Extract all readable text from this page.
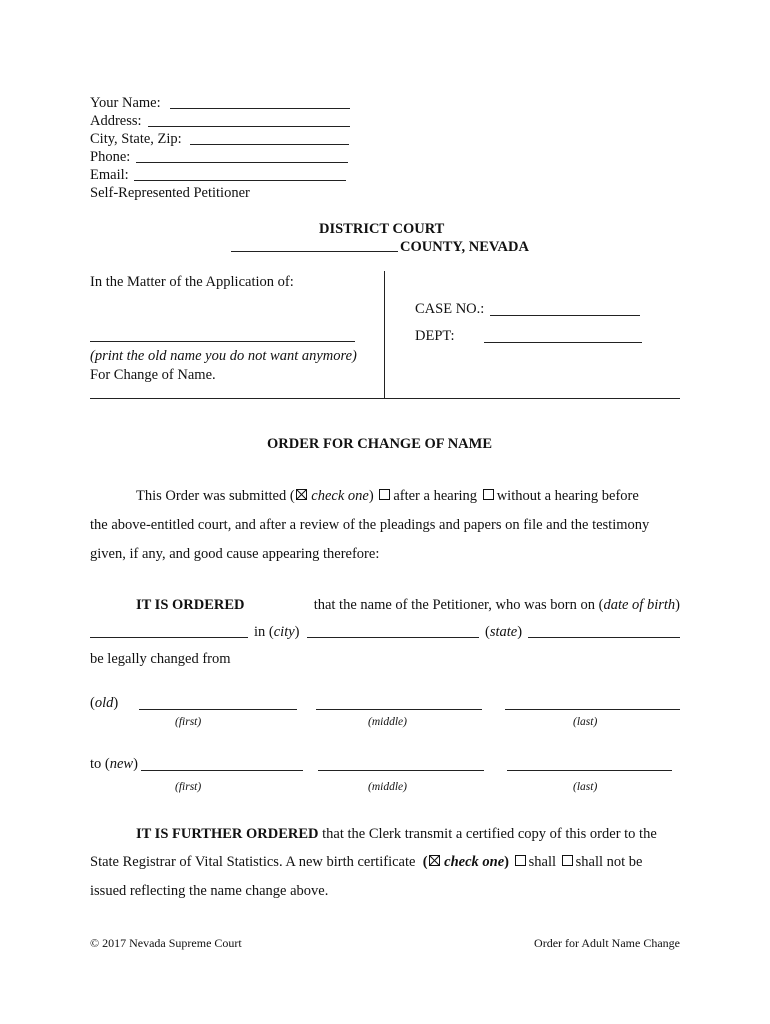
Your Name:
Address:
City, State, Zip:
Phone:
Email:
Self-Represented Petitioner
DISTRICT COURT
COUNTY, NEVADA
In the Matter of the Application of:
(print the old name you do not want anymore)
For Change of Name.
CASE NO.:
DEPT:
ORDER FOR CHANGE OF NAME
This Order was submitted ( check one) after a hearing without a hearing before
the above-entitled court, and after a review of the pleadings and papers on file and the testimony
given, if any, and good cause appearing therefore:
IT IS ORDERED	that the name of the Petitioner, who was born on (date of birth)
in (city)	(state)
be legally changed from
(old)
(first)	(middle)	(last)
to (new)
(first)	(middle)	(last)
IT IS FURTHER ORDERED that the Clerk transmit a certified copy of this order to the
State Registrar of Vital Statistics. A new birth certificate  ( check one) shall shall not be
issued reflecting the name change above.
© 2017 Nevada Supreme Court	Order for Adult Name Change
